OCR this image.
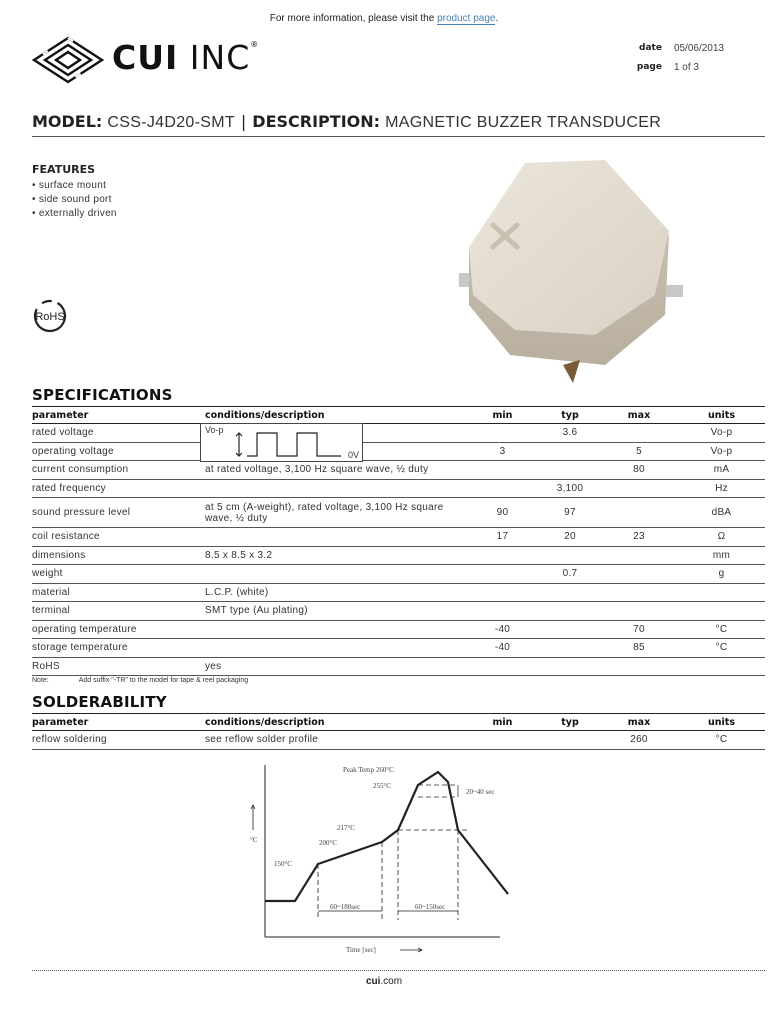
For more information, please visit the product page.
CUI INC®	date 05/06/2013
page 1 of 3
MODEL: CSS-J4D20-SMT | DESCRIPTION: MAGNETIC BUZZER TRANSDUCER
FEATURES
• surface mount
• side sound port
• externally driven
RoHS
SPECIFICATIONS
parameter	conditions/description	min	typ	max	units
rated voltage			3.6		Vo-p
operating voltage		3		5	Vo-p
current consumption	at rated voltage, 3,100 Hz square wave, ½ duty			80	mA
rated frequency			3,100		Hz
sound pressure level	at 5 cm (A-weight), rated voltage, 3,100 Hz square wave, ½ duty	90	97		dBA
coil resistance		17	20	23	Ω
dimensions	8.5 x 8.5 x 3.2				mm
weight			0.7		g
material	L.C.P. (white)				
terminal	SMT type (Au plating)				
operating temperature		-40		70	°C
storage temperature		-40		85	°C
RoHS	yes				
Vo-p
0V
Note:	Add suffix "-TR" to the model for tape & reel packaging
SOLDERABILITY
parameter	conditions/description	min	typ	max	units
reflow soldering	see reflow solder profile			260	°C
Peak Temp 260°C
255°C
217°C
200°C
150°C
°C
20~40 sec
60~180sec	60~150sec
Time [sec]
cui.com
